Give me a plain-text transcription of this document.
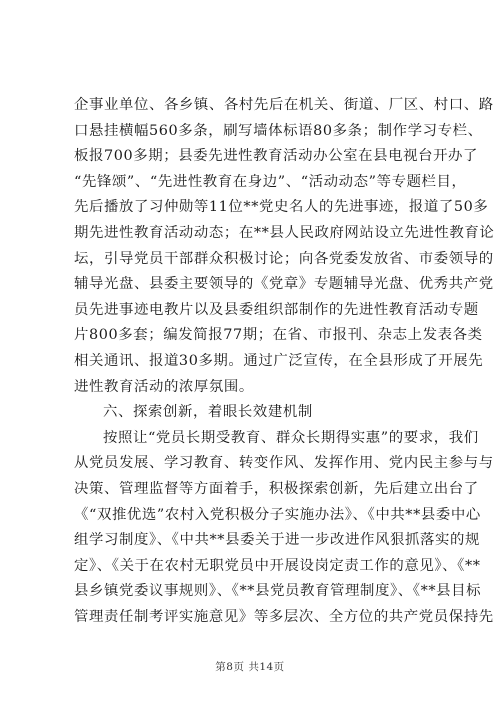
企事业单位、各乡镇、各村先后在机关、街道、厂区、村口、路
口悬挂横幅560多条，刷写墙体标语80多条；制作学习专栏、
板报700多期；县委先进性教育活动办公室在县电视台开办了
“先锋颂”、“先进性教育在身边”、“活动动态”等专题栏目，
先后播放了习仲勋等11位**党史名人的先进事迹，报道了50多
期先进性教育活动动态；在**县人民政府网站设立先进性教育论
坛，引导党员干部群众积极讨论；向各党委发放省、市委领导的
辅导光盘、县委主要领导的《党章》专题辅导光盘、优秀共产党
员先进事迹电教片以及县委组织部制作的先进性教育活动专题
片800多套；编发简报77期；在省、市报刊、杂志上发表各类
相关通讯、报道30多期。通过广泛宣传，在全县形成了开展先
进性教育活动的浓厚氛围。
六、探索创新，着眼长效建机制
按照让“党员长期受教育、群众长期得实惠”的要求，我们
从党员发展、学习教育、转变作风、发挥作用、党内民主参与与
决策、管理监督等方面着手，积极探索创新，先后建立出台了
《“双推优选”农村入党积极分子实施办法》、《中共**县委中心
组学习制度》、《中共**县委关于进一步改进作风狠抓落实的规
定》、《关于在农村无职党员中开展设岗定责工作的意见》、《**
县乡镇党委议事规则》、《**县党员教育管理制度》、《**县目标
管理责任制考评实施意见》等多层次、全方位的共产党员保持先
第8页 共14页
